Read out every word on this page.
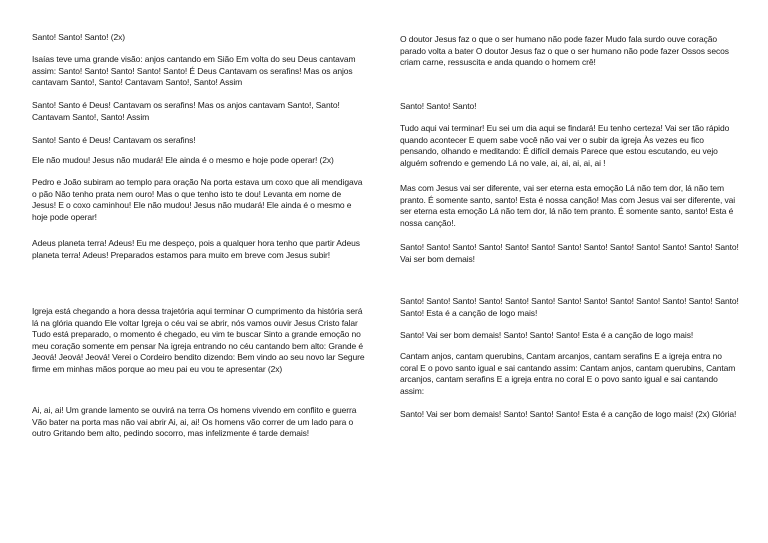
Santo! Santo! Santo! (2x)

Isaías teve uma grande visão: anjos cantando em Sião Em volta do seu Deus cantavam assim: Santo! Santo! Santo! Santo! Santo! É Deus Cantavam os serafins! Mas os anjos cantavam Santo!, Santo! Cantavam Santo!, Santo! Assim

Santo! Santo é Deus! Cantavam os serafins! Mas os anjos cantavam Santo!, Santo! Cantavam Santo!, Santo! Assim

Santo! Santo é Deus! Cantavam os serafins!

Ele não mudou! Jesus não mudará! Ele ainda é o mesmo e hoje pode operar! (2x)

Pedro e João subiram ao templo para oração Na porta estava um coxo que ali mendigava o pão Não tenho prata nem ouro! Mas o que tenho isto te dou! Levanta em nome de Jesus! E o coxo caminhou! Ele não mudou! Jesus não mudará! Ele ainda é o mesmo e hoje pode operar!

Adeus planeta terra! Adeus! Eu me despeço, pois a qualquer hora tenho que partir Adeus planeta terra! Adeus! Preparados estamos para muito em breve com Jesus subir!

Igreja está chegando a hora dessa trajetória aqui terminar O cumprimento da história será lá na glória quando Ele voltar Igreja o céu vai se abrir, nós vamos ouvir Jesus Cristo falar Tudo está preparado, o momento é chegado, eu vim te buscar Sinto a grande emoção no meu coração somente em pensar Na igreja entrando no céu cantando bem alto: Grande é Jeová! Jeová! Jeová! Verei o Cordeiro bendito dizendo: Bem vindo ao seu novo lar Segure firme em minhas mãos porque ao meu pai eu vou te apresentar (2x)

Ai, ai, ai! Um grande lamento se ouvirá na terra Os homens vivendo em conflito e guerra Vão bater na porta mas não vai abrir Ai, ai, ai! Os homens vão correr de um lado para o outro Gritando bem alto, pedindo socorro, mas infelizmente é tarde demais!

O doutor Jesus faz o que o ser humano não pode fazer Mudo fala surdo ouve coração parado volta a bater O doutor Jesus faz o que o ser humano não pode fazer Ossos secos criam carne, ressuscita e anda quando o homem crê!

Santo! Santo! Santo!

Tudo aqui vai terminar! Eu sei um dia aqui se findará! Eu tenho certeza! Vai ser tão rápido quando acontecer E quem sabe você não vai ver o subir da igreja Às vezes eu fico pensando, olhando e meditando: É difícil demais Parece que estou escutando, eu vejo alguém sofrendo e gemendo Lá no vale, ai, ai, ai, ai, ai !

Mas com Jesus vai ser diferente, vai ser eterna esta emoção Lá não tem dor, lá não tem pranto. É somente santo, santo! Esta é nossa canção! Mas com Jesus vai ser diferente, vai ser eterna esta emoção Lá não tem dor, lá não tem pranto. É somente santo, santo! Esta é nossa canção!.

Santo! Santo! Santo! Santo! Santo! Santo! Santo! Santo! Santo! Santo! Santo! Santo! Santo! Vai ser bom demais!

Santo! Santo! Santo! Santo! Santo! Santo! Santo! Santo! Santo! Santo! Santo! Santo! Santo! Santo! Esta é a canção de logo mais!

Santo! Vai ser bom demais! Santo! Santo! Santo! Esta é a canção de logo mais!

Cantam anjos, cantam querubins, Cantam arcanjos, cantam serafins E a igreja entra no coral E o povo santo igual e sai cantando assim: Cantam anjos, cantam querubins, Cantam arcanjos, cantam serafins E a igreja entra no coral E o povo santo igual e sai cantando assim:

Santo! Vai ser bom demais! Santo! Santo! Santo! Esta é a canção de logo mais! (2x) Glória!
